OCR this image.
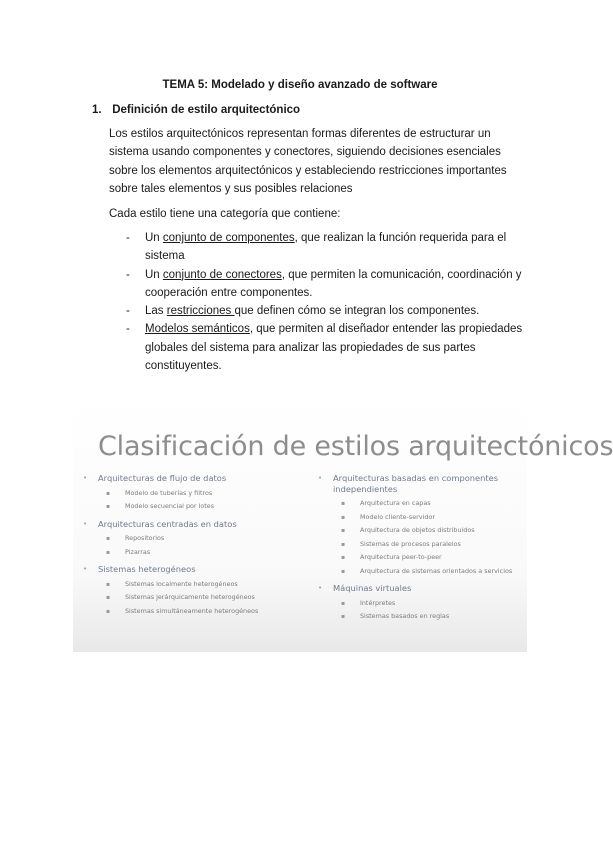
TEMA 5: Modelado y diseño avanzado de software
1. Definición de estilo arquitectónico

Los estilos arquitectónicos representan formas diferentes de estructurar un sistema usando componentes y conectores, siguiendo decisiones esenciales sobre los elementos arquitectónicos y estableciendo restricciones importantes sobre tales elementos y sus posibles relaciones

Cada estilo tiene una categoría que contiene:

- Un conjunto de componentes, que realizan la función requerida para el sistema
- Un conjunto de conectores, que permiten la comunicación, coordinación y cooperación entre componentes.
- Las restricciones que definen cómo se integran los componentes.
- Modelos semánticos, que permiten al diseñador entender las propiedades globales del sistema para analizar las propiedades de sus partes constituyentes.
Clasificación de estilos arquitectónicos
• Arquitecturas de flujo de datos
▪ Modelo de tuberías y filtros
▪ Modelo secuencial por lotes
• Arquitecturas centradas en datos
▪ Repositorios
▪ Pizarras
• Sistemas heterogéneos
▪ Sistemas localmente heterogéneos
▪ Sistemas jerárquicamente heterogéneos
▪ Sistemas simultáneamente heterogéneos
• Arquitecturas basadas en componentes independientes
▪ Arquitectura en capas
▪ Modelo cliente-servidor
▪ Arquitectura de objetos distribuidos
▪ Sistemas de procesos paralelos
▪ Arquitectura peer-to-peer
▪ Arquitectura de sistemas orientados a servicios
• Máquinas virtuales
▪ Intérpretes
▪ Sistemas basados en reglas
